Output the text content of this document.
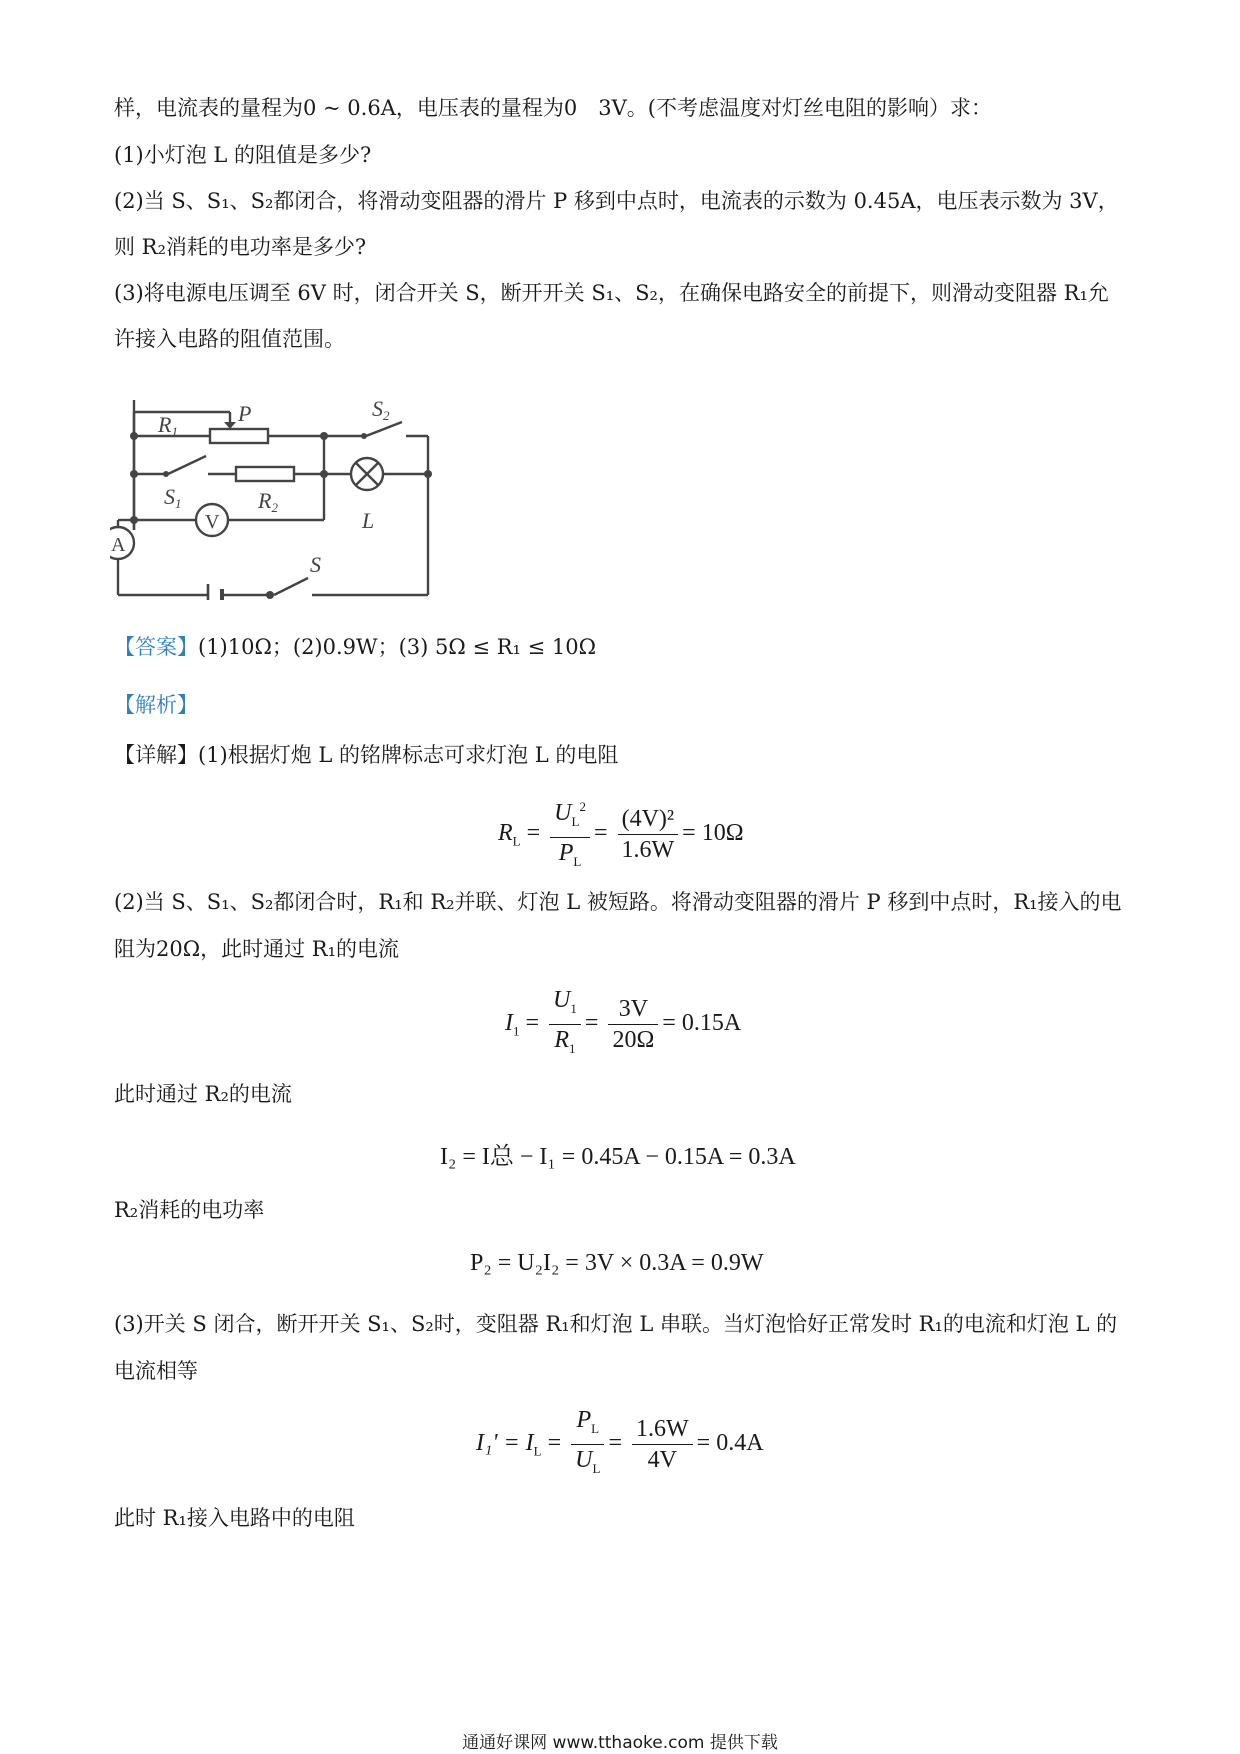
样，电流表的量程为0 ~ 0.6A，电压表的量程为0　3V。(不考虑温度对灯丝电阻的影响）求：
(1)小灯泡 L 的阻值是多少?
(2)当 S、S₁、S₂都闭合，将滑动变阻器的滑片 P 移到中点时，电流表的示数为 0.45A，电压表示数为 3V，
则 R₂消耗的电功率是多少?
(3)将电源电压调至 6V 时，闭合开关 S，断开开关 S₁、S₂，在确保电路安全的前提下，则滑动变阻器 R₁允
许接入电路的阻值范围。
R1
P	S2
S1	R2
V	L
A
S
【答案】(1)10Ω；(2)0.9W；(3) 5Ω ≤ R₁ ≤ 10Ω
【解析】
【详解】(1)根据灯炮 L 的铭牌标志可求灯泡 L 的电阻
$R_L = \frac{U_L^2}{P_L} = \frac{\text{(4V)²}}{1.6W} = 10\Omega$
(2)当 S、S₁、S₂都闭合时，R₁和 R₂并联、灯泡 L 被短路。将滑动变阻器的滑片 P 移到中点时，R₁接入的电
阻为20Ω，此时通过 R₁的电流
$I_1 = \frac{U_1}{R_1} = \frac{3V}{20\Omega} = 0.15A$
此时通过 R₂的电流
I₂ = I总 − I₁ = 0.45A − 0.15A = 0.3A
R₂消耗的电功率
P₂ = U₂I₂ = 3V × 0.3A = 0.9W
(3)开关 S 闭合，断开开关 S₁、S₂时，变阻器 R₁和灯泡 L 串联。当灯泡恰好正常发时 R₁的电流和灯泡 L 的
电流相等
$I_1' = I_L = \frac{P_L}{U_L} = \frac{1.6W}{4V} = 0.4A$
此时 R₁接入电路中的电阻
通通好课网 www.tthaoke.com 提供下载
